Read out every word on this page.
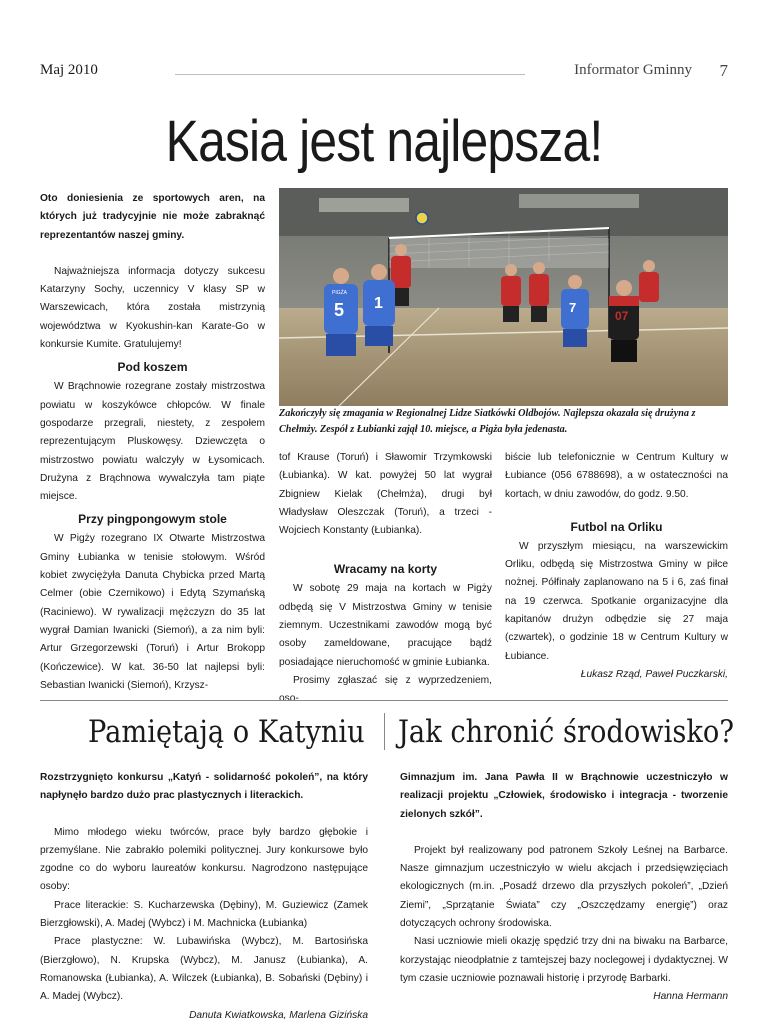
Maj 2010	Informator Gminny 7
Kasia jest najlepsza!
Oto doniesienia ze sportowych aren, na których już tradycyjnie nie może zabraknąć reprezentantów naszej gminy.

Najważniejsza informacja dotyczy sukcesu Katarzyny Sochy, uczennicy V klasy SP w Warszewicach, która została mistrzynią województwa w Kyokushin-kan Karate-Go w konkursie Kumite. Gratulujemy!

Pod koszem

W Brąchnowie rozegrane zostały mistrzostwa powiatu w koszykówce chłopców. W finale gospodarze przegrali, niestety, z zespołem reprezentującym Pluskowęsy. Dziewczęta o mistrzostwo powiatu walczyły w Łysomicach. Drużyna z Brąchnowa wywalczyła tam piąte miejsce.

Przy pingpongowym stole

W Pigży rozegrano IX Otwarte Mistrzostwa Gminy Łubianka w tenisie stołowym. Wśród kobiet zwyciężyła Danuta Chybicka przed Martą Celmer (obie Czernikowo) i Edytą Szymańską (Raciniewo). W rywalizacji mężczyzn do 35 lat wygrał Damian Iwanicki (Siemoń), a za nim byli: Artur Grzegorzewski (Toruń) i Artur Brokopp (Kończewice). W kat. 36-50 lat najlepsi byli: Sebastian Iwanicki (Siemoń), Krzysz-

PIGŻA
5 1	7
07
Zakończyły się zmagania w Regionalnej Lidze Siatkówki Oldbojów. Najlepsza okazała się drużyna z Chełmży. Zespół z Łubianki zajął 10. miejsce, a Pigża była jedenasta.
tof Krause (Toruń) i Sławomir Trzymkowski (Łubianka). W kat. powyżej 50 lat wygrał Zbigniew Kielak (Chełmża), drugi był Władysław Oleszczak (Toruń), a trzeci - Wojciech Konstanty (Łubianka).
Wracamy na korty

W sobotę 29 maja na kortach w Pigży odbędą się V Mistrzostwa Gminy w tenisie ziemnym. Uczestnikami zawodów mogą być osoby zameldowane, pracujące bądź posiadające nieruchomość w gminie Łubianka.

Prosimy zgłaszać się z wyprzedzeniem, oso-

biście lub telefonicznie w Centrum Kultury w Łubiance (056 6788698), a w ostateczności na kortach, w dniu zawodów, do godz. 9.50.
Futbol na Orliku

W przyszłym miesiącu, na warszewickim Orliku, odbędą się Mistrzostwa Gminy w piłce nożnej. Półfinały zaplanowano na 5 i 6, zaś finał na 19 czerwca. Spotkanie organizacyjne dla kapitanów drużyn odbędzie się 27 maja (czwartek), o godzinie 18 w Centrum Kultury w Łubiance.

Łukasz Rząd, Paweł Puczkarski,
Pamiętają o Katyniu Jak chronić środowisko?
Rozstrzygnięto konkursu „Katyń - solidarność pokoleń”, na który napłynęło bardzo dużo prac plastycznych i literackich.

Mimo młodego wieku twórców, prace były bardzo głębokie i przemyślane. Nie zabrakło polemiki politycznej. Jury konkursowe było zgodne co do wyboru laureatów konkursu. Nagrodzono następujące osoby:

Prace literackie: S. Kucharzewska (Dębiny), M. Guziewicz (Zamek Bierzgłowski), A. Madej (Wybcz) i M. Machnicka (Łubianka)

Prace plastyczne: W. Lubawińska (Wybcz), M. Bartosińska (Bierzgłowo), N. Krupska (Wybcz), M. Janusz (Łubianka), A. Romanowska (Łubianka), A. Wilczek (Łubianka), B. Sobański (Dębiny) i A. Madej (Wybcz).

Danuta Kwiatkowska, Marlena Gizińska
Gimnazjum im. Jana Pawła II w Brąchnowie uczestniczyło w realizacji projektu „Człowiek, środowisko i integracja - tworzenie zielonych szkół”.

Projekt był realizowany pod patronem Szkoły Leśnej na Barbarce. Nasze gimnazjum uczestniczyło w wielu akcjach i przedsięwzięciach ekologicznych (m.in. „Posadź drzewo dla przyszłych pokoleń”, „Dzień Ziemi”, „Sprzątanie Świata” czy „Oszczędzamy energię”) oraz dotyczących ochrony środowiska.

Nasi uczniowie mieli okazję spędzić trzy dni na biwaku na Barbarce, korzystając nieodpłatnie z tamtejszej bazy noclegowej i dydaktycznej. W tym czasie uczniowie poznawali historię i przyrodę Barbarki.

Hanna Hermann
